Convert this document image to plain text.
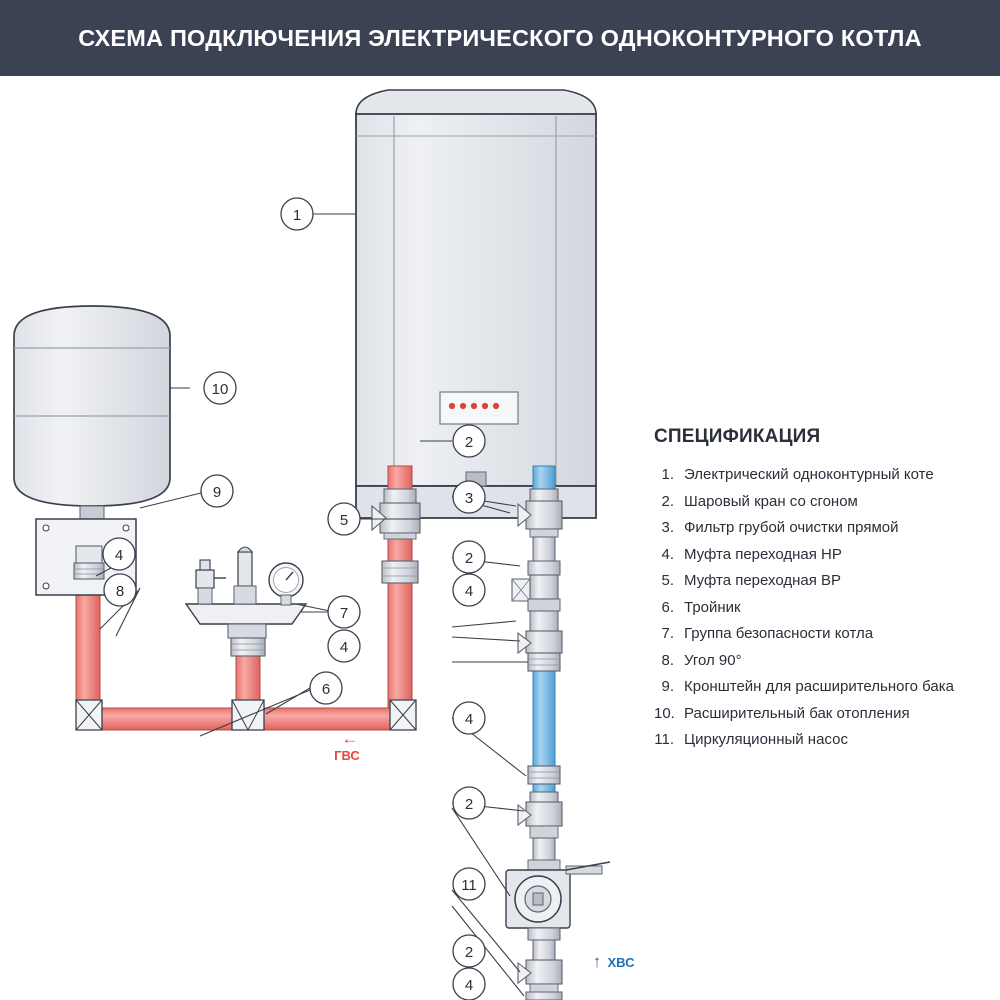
СХЕМА ПОДКЛЮЧЕНИЯ ЭЛЕКТРИЧЕСКОГО ОДНОКОНТУРНОГО КОТЛА
1
10
9
4
8
5
2
3
2
4
7
4
6
4
2
11
2
4
←
ГВС
↑ ХВС
СПЕЦИФИКАЦИЯ
1. Электрический одноконтурный коте
2. Шаровый кран со сгоном
3. Фильтр грубой очистки прямой
4. Муфта переходная НР
5. Муфта переходная ВР
6. Тройник
7. Группа безопасности котла
8. Угол 90°
9. Кронштейн для расширительного бака
10. Расширительный бак отопления
11. Циркуляционный насос
